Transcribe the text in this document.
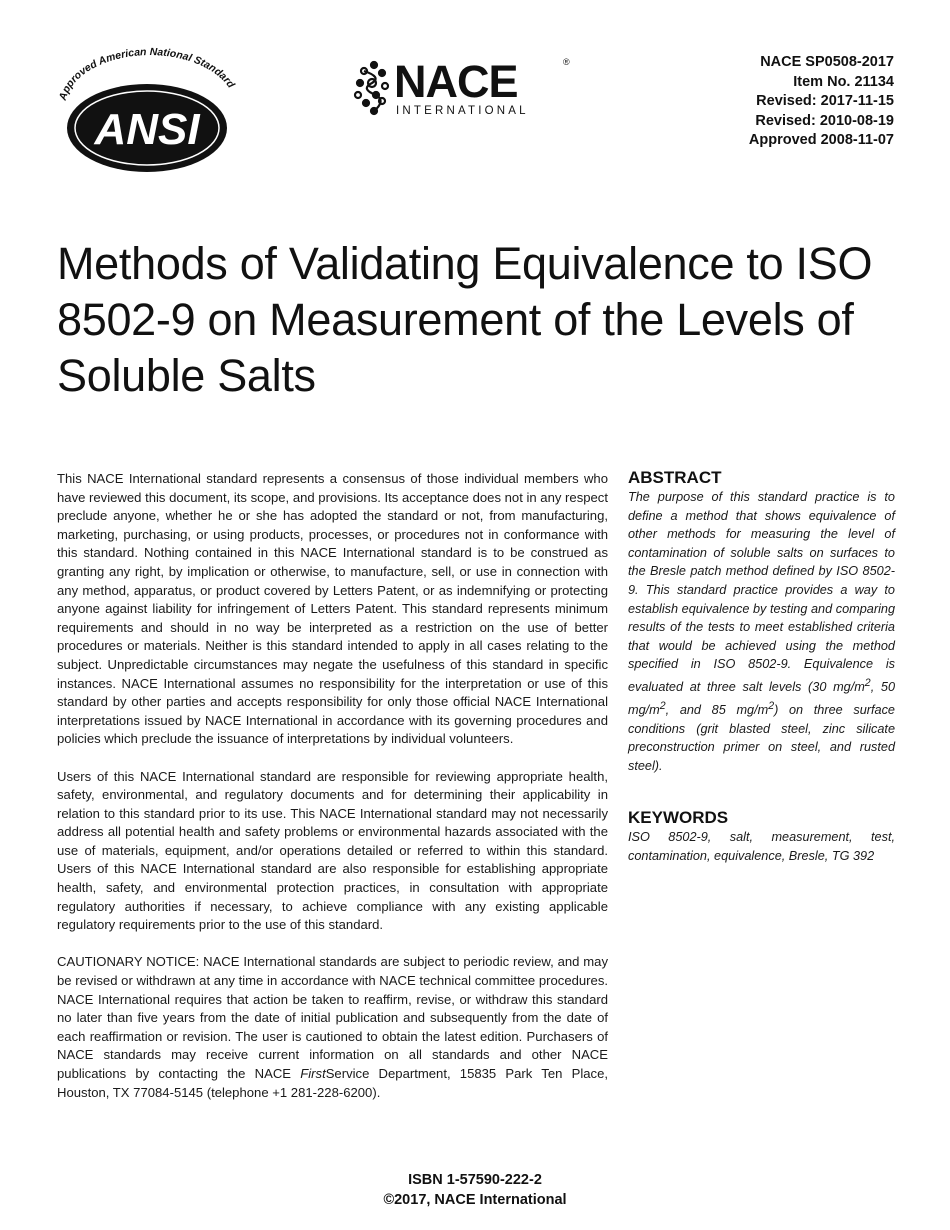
Approved American National Standard
ANSI
NACE	®
INTERNATIONAL
NACE SP0508-2017
Item No. 21134
Revised: 2017-11-15
Revised: 2010-08-19
Approved 2008-11-07
Methods of Validating Equivalence to ISO 8502-9 on Measurement of the Levels of Soluble Salts

This NACE International standard represents a consensus of those individual members who have reviewed this document, its scope, and provisions. Its acceptance does not in any respect preclude anyone, whether he or she has adopted the standard or not, from manufacturing, marketing, purchasing, or using products, processes, or procedures not in conformance with this standard. Nothing contained in this NACE International standard is to be construed as granting any right, by implication or otherwise, to manufacture, sell, or use in connection with any method, apparatus, or product covered by Letters Patent, or as indemnifying or protecting anyone against liability for infringement of Letters Patent. This standard represents minimum requirements and should in no way be interpreted as a restriction on the use of better procedures or materials. Neither is this standard intended to apply in all cases relating to the subject. Unpredictable circumstances may negate the usefulness of this standard in specific instances. NACE International assumes no responsibility for the interpretation or use of this standard by other parties and accepts responsibility for only those official NACE International interpretations issued by NACE International in accordance with its governing procedures and policies which preclude the issuance of interpretations by individual volunteers.

Users of this NACE International standard are responsible for reviewing appropriate health, safety, environmental, and regulatory documents and for determining their applicability in relation to this standard prior to its use. This NACE International standard may not necessarily address all potential health and safety problems or environmental hazards associated with the use of materials, equipment, and/or operations detailed or referred to within this standard. Users of this NACE International standard are also responsible for establishing appropriate health, safety, and environmental protection practices, in consultation with appropriate regulatory authorities if necessary, to achieve compliance with any existing applicable regulatory requirements prior to the use of this standard.

CAUTIONARY NOTICE: NACE International standards are subject to periodic review, and may be revised or withdrawn at any time in accordance with NACE technical committee procedures. NACE International requires that action be taken to reaffirm, revise, or withdraw this standard no later than five years from the date of initial publication and subsequently from the date of each reaffirmation or revision. The user is cautioned to obtain the latest edition. Purchasers of NACE standards may receive current information on all standards and other NACE publications by contacting the NACE FirstService Department, 15835 Park Ten Place, Houston, TX 77084-5145 (telephone +1 281-228-6200).

ABSTRACT

The purpose of this standard practice is to define a method that shows equivalence of other methods for measuring the level of contamination of soluble salts on surfaces to the Bresle patch method defined by ISO 8502-9. This standard practice provides a way to establish equivalence by testing and comparing results of the tests to meet established criteria that would be achieved using the method specified in ISO 8502-9. Equivalence is evaluated at three salt levels (30 $mg/m^2$, 50 $mg/m^2$, and 85 $mg/m^2$) on three surface conditions (grit blasted steel, zinc silicate preconstruction primer on steel, and rusted steel).

KEYWORDS

ISO 8502-9, salt, measurement, test, contamination, equivalence, Bresle, TG 392

ISBN 1-57590-222-2
©2017, NACE International
